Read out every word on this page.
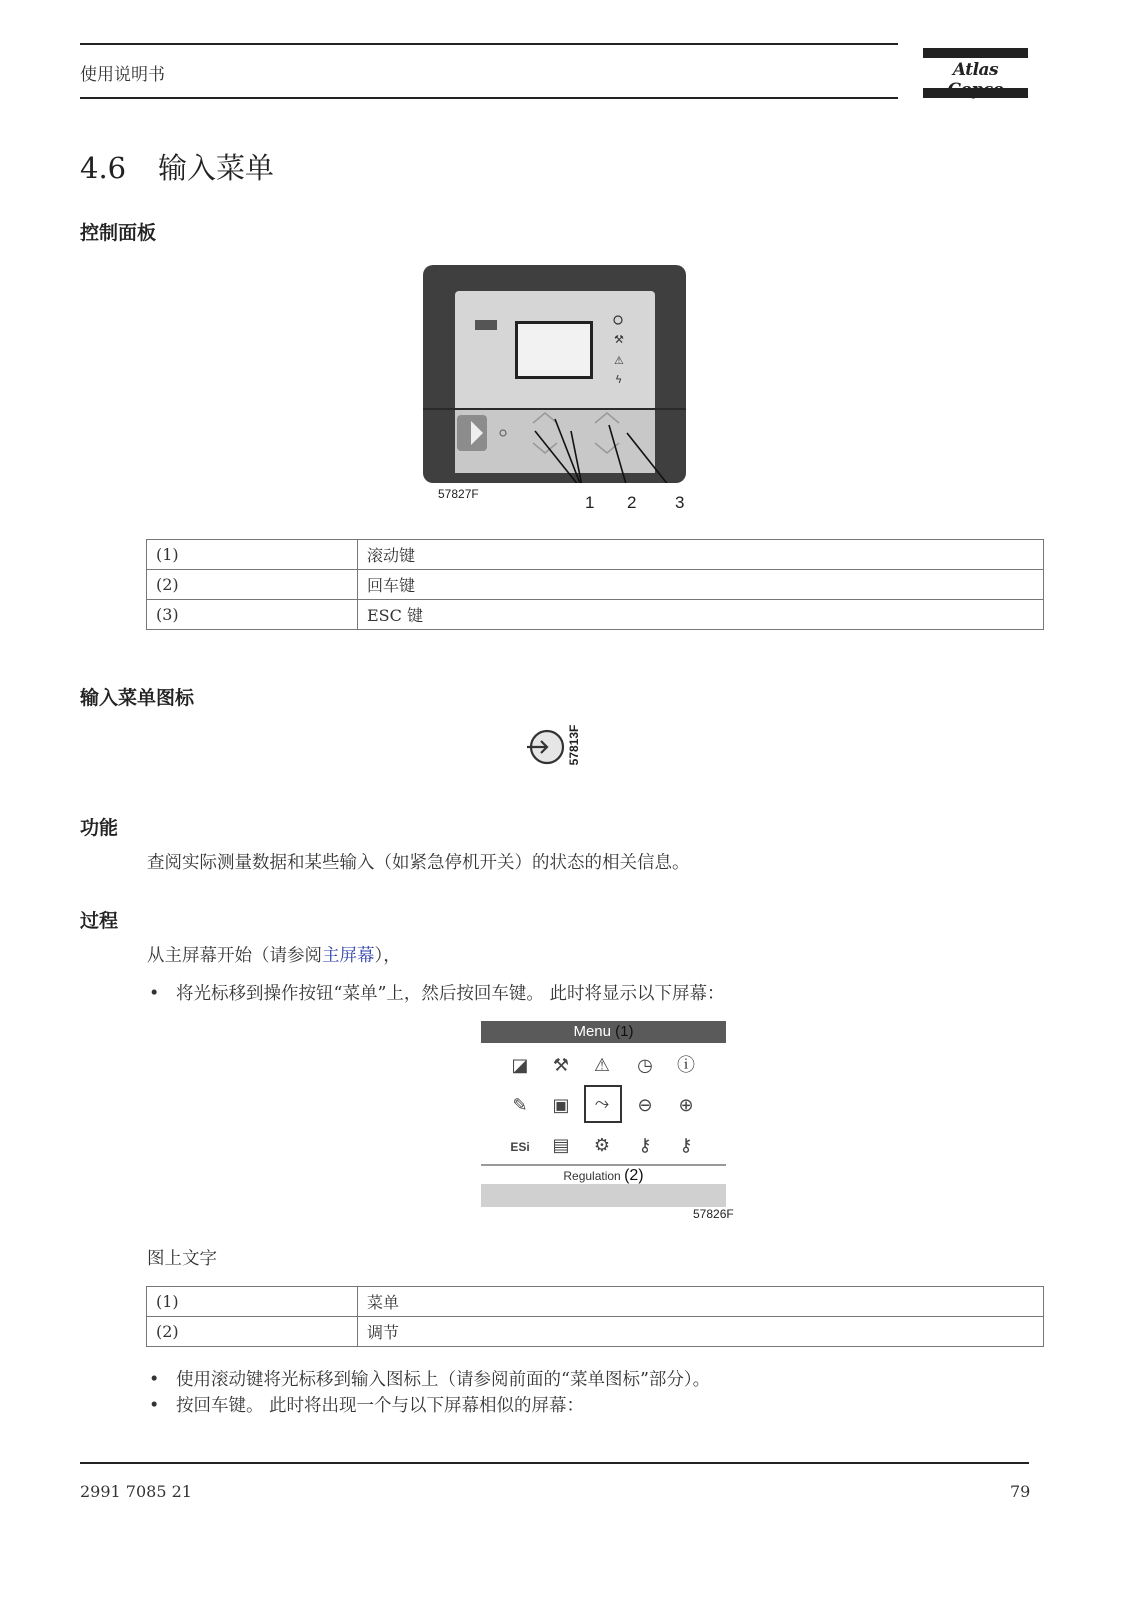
使用说明书	Atlas
4.6 输入菜单
控制面板
⚒
⚠
ϟ
57827F	1 2 3
(1)	滚动键
(2)	回车键
(3)	ESC 键
输入菜单图标
57813F
功能
查阅实际测量数据和某些输入（如紧急停机开关）的状态的相关信息。
过程
从主屏幕开始（请参阅主屏幕），
• 将光标移到操作按钮“菜单”上，然后按回车键。 此时将显示以下屏幕：
Menu (1)
◪ ⚒ ⚠ ◷ ⓘ
✎	▣	⤳	⊖	⊕
ESi ▤ ⚙	⚷	⚷
Regulation (2)
57826F
图上文字
(1)	菜单
(2)	调节
• 使用滚动键将光标移到输入图标上（请参阅前面的“菜单图标”部分）。
• 按回车键。 此时将出现一个与以下屏幕相似的屏幕：
2991 7085 21	79
